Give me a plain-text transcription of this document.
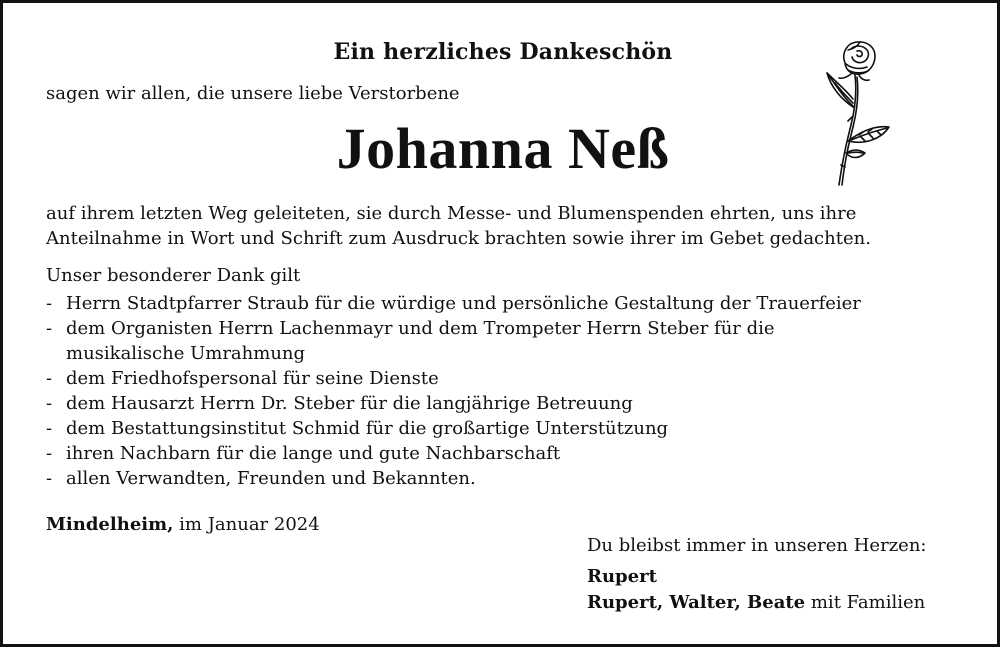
Ein herzliches Dankeschön
sagen wir allen, die unsere liebe Verstorbene
Johanna Neß
auf ihrem letzten Weg geleiteten, sie durch Messe- und Blumenspenden ehrten, uns ihre
Anteilnahme in Wort und Schrift zum Ausdruck brachten sowie ihrer im Gebet gedachten.
Unser besonderer Dank gilt
- Herrn Stadtpfarrer Straub für die würdige und persönliche Gestaltung der Trauerfeier
- dem Organisten Herrn Lachenmayr und dem Trompeter Herrn Steber für die
musikalische Umrahmung
- dem Friedhofspersonal für seine Dienste
- dem Hausarzt Herrn Dr. Steber für die langjährige Betreuung
- dem Bestattungsinstitut Schmid für die großartige Unterstützung
- ihren Nachbarn für die lange und gute Nachbarschaft
- allen Verwandten, Freunden und Bekannten.
Mindelheim, im Januar 2024
Du bleibst immer in unseren Herzen:
Rupert
Rupert, Walter, Beate mit Familien
